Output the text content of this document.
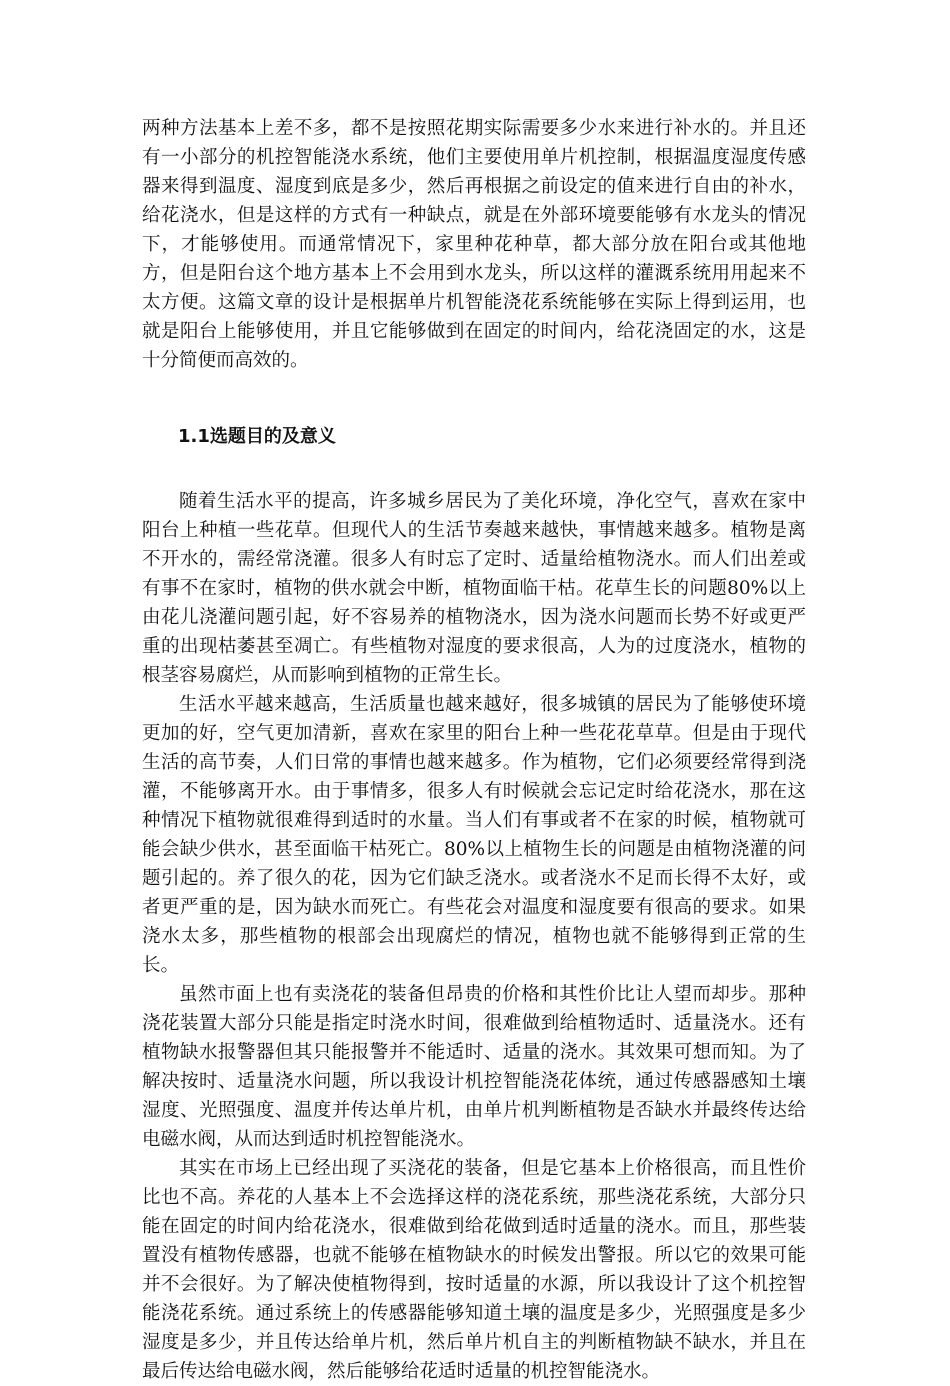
两种方法基本上差不多，都不是按照花期实际需要多少水来进行补水的。并且还有一小部分的机控智能浇水系统，他们主要使用单片机控制，根据温度湿度传感器来得到温度、湿度到底是多少，然后再根据之前设定的值来进行自由的补水，给花浇水，但是这样的方式有一种缺点，就是在外部环境要能够有水龙头的情况下，才能够使用。而通常情况下，家里种花种草，都大部分放在阳台或其他地方，但是阳台这个地方基本上不会用到水龙头，所以这样的灌溉系统用用起来不太方便。这篇文章的设计是根据单片机智能浇花系统能够在实际上得到运用，也就是阳台上能够使用，并且它能够做到在固定的时间内，给花浇固定的水，这是十分简便而高效的。

1.1选题目的及意义

随着生活水平的提高，许多城乡居民为了美化环境，净化空气，喜欢在家中阳台上种植一些花草。但现代人的生活节奏越来越快，事情越来越多。植物是离不开水的，需经常浇灌。很多人有时忘了定时、适量给植物浇水。而人们出差或有事不在家时，植物的供水就会中断，植物面临干枯。花草生长的问题80%以上由花儿浇灌问题引起，好不容易养的植物浇水，因为浇水问题而长势不好或更严重的出现枯萎甚至凋亡。有些植物对湿度的要求很高，人为的过度浇水，植物的根茎容易腐烂，从而影响到植物的正常生长。

生活水平越来越高，生活质量也越来越好，很多城镇的居民为了能够使环境更加的好，空气更加清新，喜欢在家里的阳台上种一些花花草草。但是由于现代生活的高节奏，人们日常的事情也越来越多。作为植物，它们必须要经常得到浇灌，不能够离开水。由于事情多，很多人有时候就会忘记定时给花浇水，那在这种情况下植物就很难得到适时的水量。当人们有事或者不在家的时候，植物就可能会缺少供水，甚至面临干枯死亡。80%以上植物生长的问题是由植物浇灌的问题引起的。养了很久的花，因为它们缺乏浇水。或者浇水不足而长得不太好，或者更严重的是，因为缺水而死亡。有些花会对温度和湿度要有很高的要求。如果浇水太多，那些植物的根部会出现腐烂的情况，植物也就不能够得到正常的生长。

虽然市面上也有卖浇花的装备但昂贵的价格和其性价比让人望而却步。那种浇花装置大部分只能是指定时浇水时间，很难做到给植物适时、适量浇水。还有植物缺水报警器但其只能报警并不能适时、适量的浇水。其效果可想而知。为了解决按时、适量浇水问题，所以我设计机控智能浇花体统，通过传感器感知土壤湿度、光照强度、温度并传达单片机，由单片机判断植物是否缺水并最终传达给电磁水阀，从而达到适时机控智能浇水。

其实在市场上已经出现了买浇花的装备，但是它基本上价格很高，而且性价比也不高。养花的人基本上不会选择这样的浇花系统，那些浇花系统，大部分只能在固定的时间内给花浇水，很难做到给花做到适时适量的浇水。而且，那些装置没有植物传感器，也就不能够在植物缺水的时候发出警报。所以它的效果可能并不会很好。为了解决使植物得到，按时适量的水源，所以我设计了这个机控智能浇花系统。通过系统上的传感器能够知道土壤的温度是多少，光照强度是多少湿度是多少，并且传达给单片机，然后单片机自主的判断植物缺不缺水，并且在最后传达给电磁水阀，然后能够给花适时适量的机控智能浇水。
